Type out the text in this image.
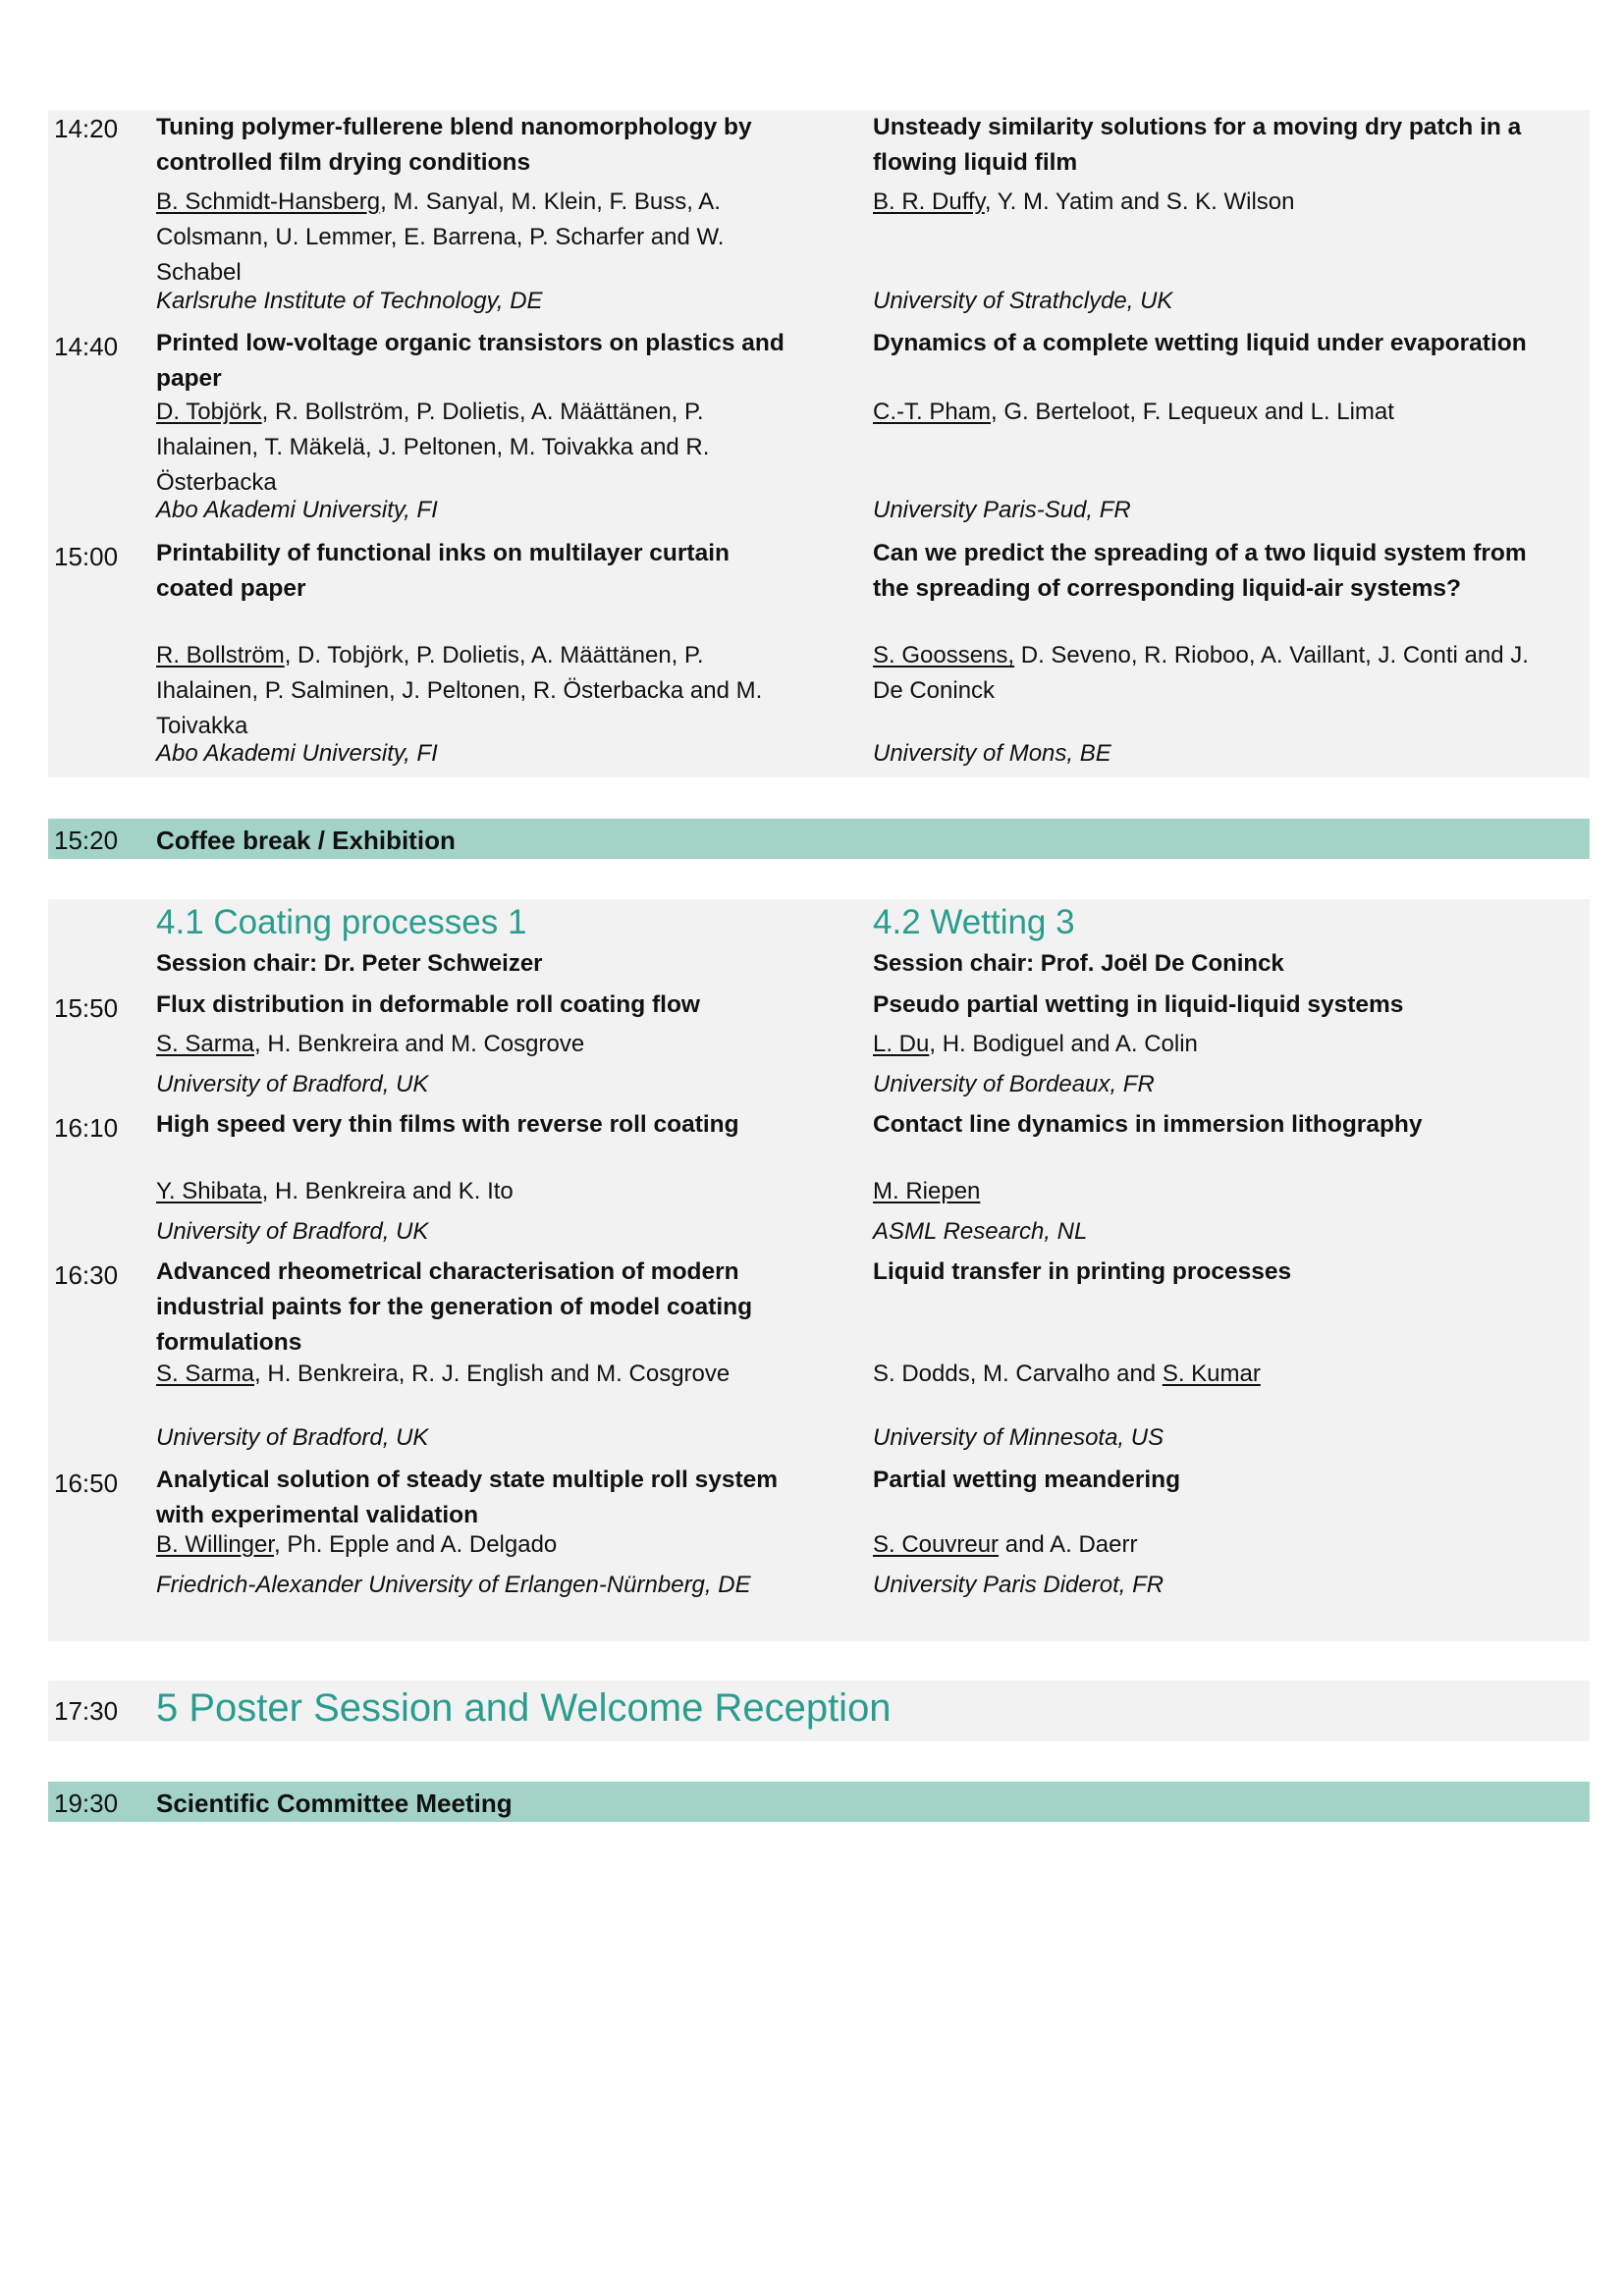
14:20 Tuning polymer-fullerene blend nanomorphology by controlled film drying conditions
B. Schmidt-Hansberg, M. Sanyal, M. Klein, F. Buss, A. Colsmann, U. Lemmer, E. Barrena, P. Scharfer and W. Schabel
Karlsruhe Institute of Technology, DE
Unsteady similarity solutions for a moving dry patch in a flowing liquid film
B. R. Duffy, Y. M. Yatim and S. K. Wilson
University of Strathclyde, UK
14:40 Printed low-voltage organic transistors on plastics and paper
D. Tobjörk, R. Bollström, P. Dolietis, A. Määttänen, P. Ihalainen, T. Mäkelä, J. Peltonen, M. Toivakka and R. Österbacka
Abo Akademi University, FI
Dynamics of a complete wetting liquid under evaporation
C.-T. Pham, G. Berteloot, F. Lequeux and L. Limat
University Paris-Sud, FR
15:00 Printability of functional inks on multilayer curtain coated paper
R. Bollström, D. Tobjörk, P. Dolietis, A. Määttänen, P. Ihalainen, P. Salminen, J. Peltonen, R. Österbacka and M. Toivakka
Abo Akademi University, FI
Can we predict the spreading of a two liquid system from the spreading of corresponding liquid-air systems?
S. Goossens, D. Seveno, R. Rioboo, A. Vaillant, J. Conti and J. De Coninck
University of Mons, BE
15:20 Coffee break / Exhibition
4.1 Coating processes 1
Session chair: Dr. Peter Schweizer
4.2 Wetting 3
Session chair: Prof. Joël De Coninck
15:50 Flux distribution in deformable roll coating flow
S. Sarma, H. Benkreira and M. Cosgrove
University of Bradford, UK
Pseudo partial wetting in liquid-liquid systems
L. Du, H. Bodiguel and A. Colin
University of Bordeaux, FR
16:10 High speed very thin films with reverse roll coating
Y. Shibata, H. Benkreira and K. Ito
University of Bradford, UK
Contact line dynamics in immersion lithography
M. Riepen
ASML Research, NL
16:30 Advanced rheometrical characterisation of modern industrial paints for the generation of model coating formulations
S. Sarma, H. Benkreira, R. J. English and M. Cosgrove
University of Bradford, UK
Liquid transfer in printing processes
S. Dodds, M. Carvalho and S. Kumar
University of Minnesota, US
16:50 Analytical solution of steady state multiple roll system with experimental validation
B. Willinger, Ph. Epple and A. Delgado
Friedrich-Alexander University of Erlangen-Nürnberg, DE
Partial wetting meandering
S. Couvreur and A. Daerr
University Paris Diderot, FR
17:30 5 Poster Session and Welcome Reception
19:30 Scientific Committee Meeting
